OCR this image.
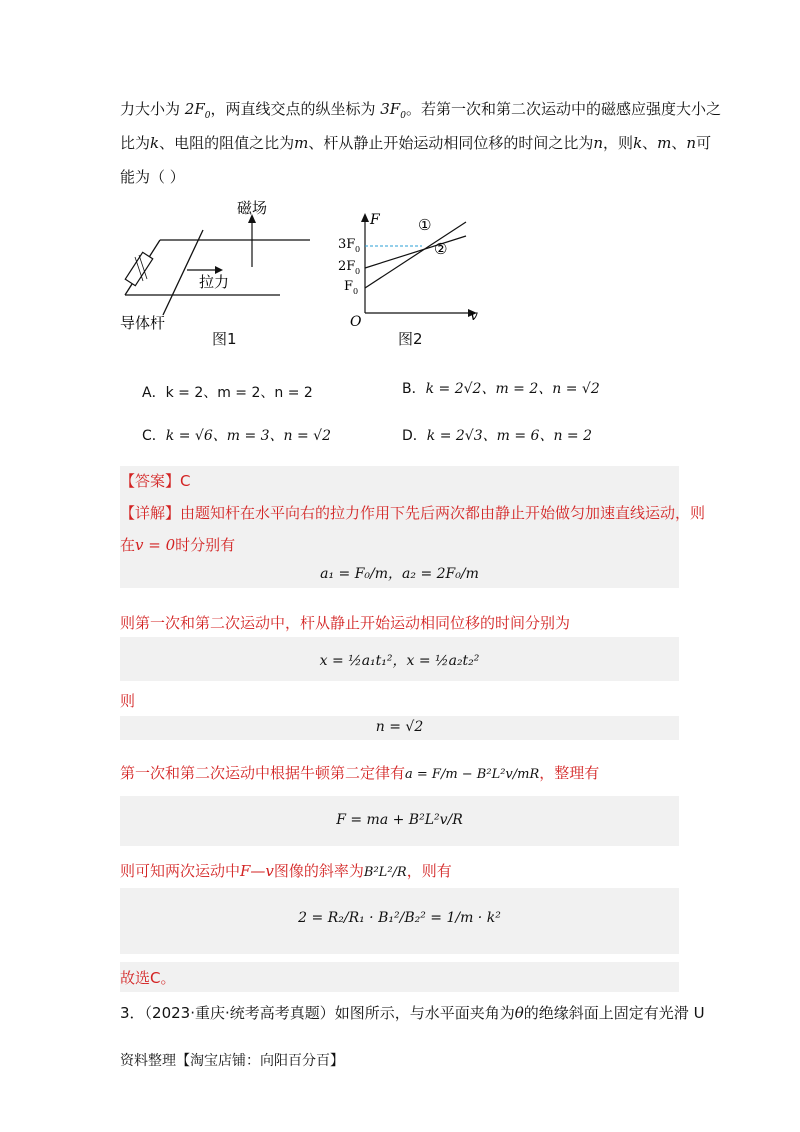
力大小为 $2F_0$，两直线交点的纵坐标为 $3F_0$。若第一次和第二次运动中的磁感应强度大小之
比为k、电阻的阻值之比为m、杆从静止开始运动相同位移的时间之比为n，则k、m、n可
能为（ ）
磁场
拉力
导体杆
图1
F
v
O
3F 0
2F 0
F 0
①
②
图2
A．k = 2、m = 2、n = 2	B．k = 2√2、m = 2、n = √2
C．k = √6、m = 3、n = √2	D．k = 2√3、m = 6、n = 2
【答案】C
【详解】由题知杆在水平向右的拉力作用下先后两次都由静止开始做匀加速直线运动，则
在v = 0时分别有
a₁ = F₀/m，a₂ = 2F₀/m
则第一次和第二次运动中，杆从静止开始运动相同位移的时间分别为
x = ½a₁t₁²，x = ½a₂t₂²
则
n = √2
第一次和第二次运动中根据牛顿第二定律有a = F/m − B²L²v/mR，整理有
F = ma + B²L²v/R
则可知两次运动中F—v图像的斜率为B²L²/R，则有
2 = R₂/R₁ · B₁²/B₂² = 1/m · k²
故选C。
3．（2023·重庆·统考高考真题）如图所示，与水平面夹角为θ的绝缘斜面上固定有光滑 U
资料整理【淘宝店铺：向阳百分百】
